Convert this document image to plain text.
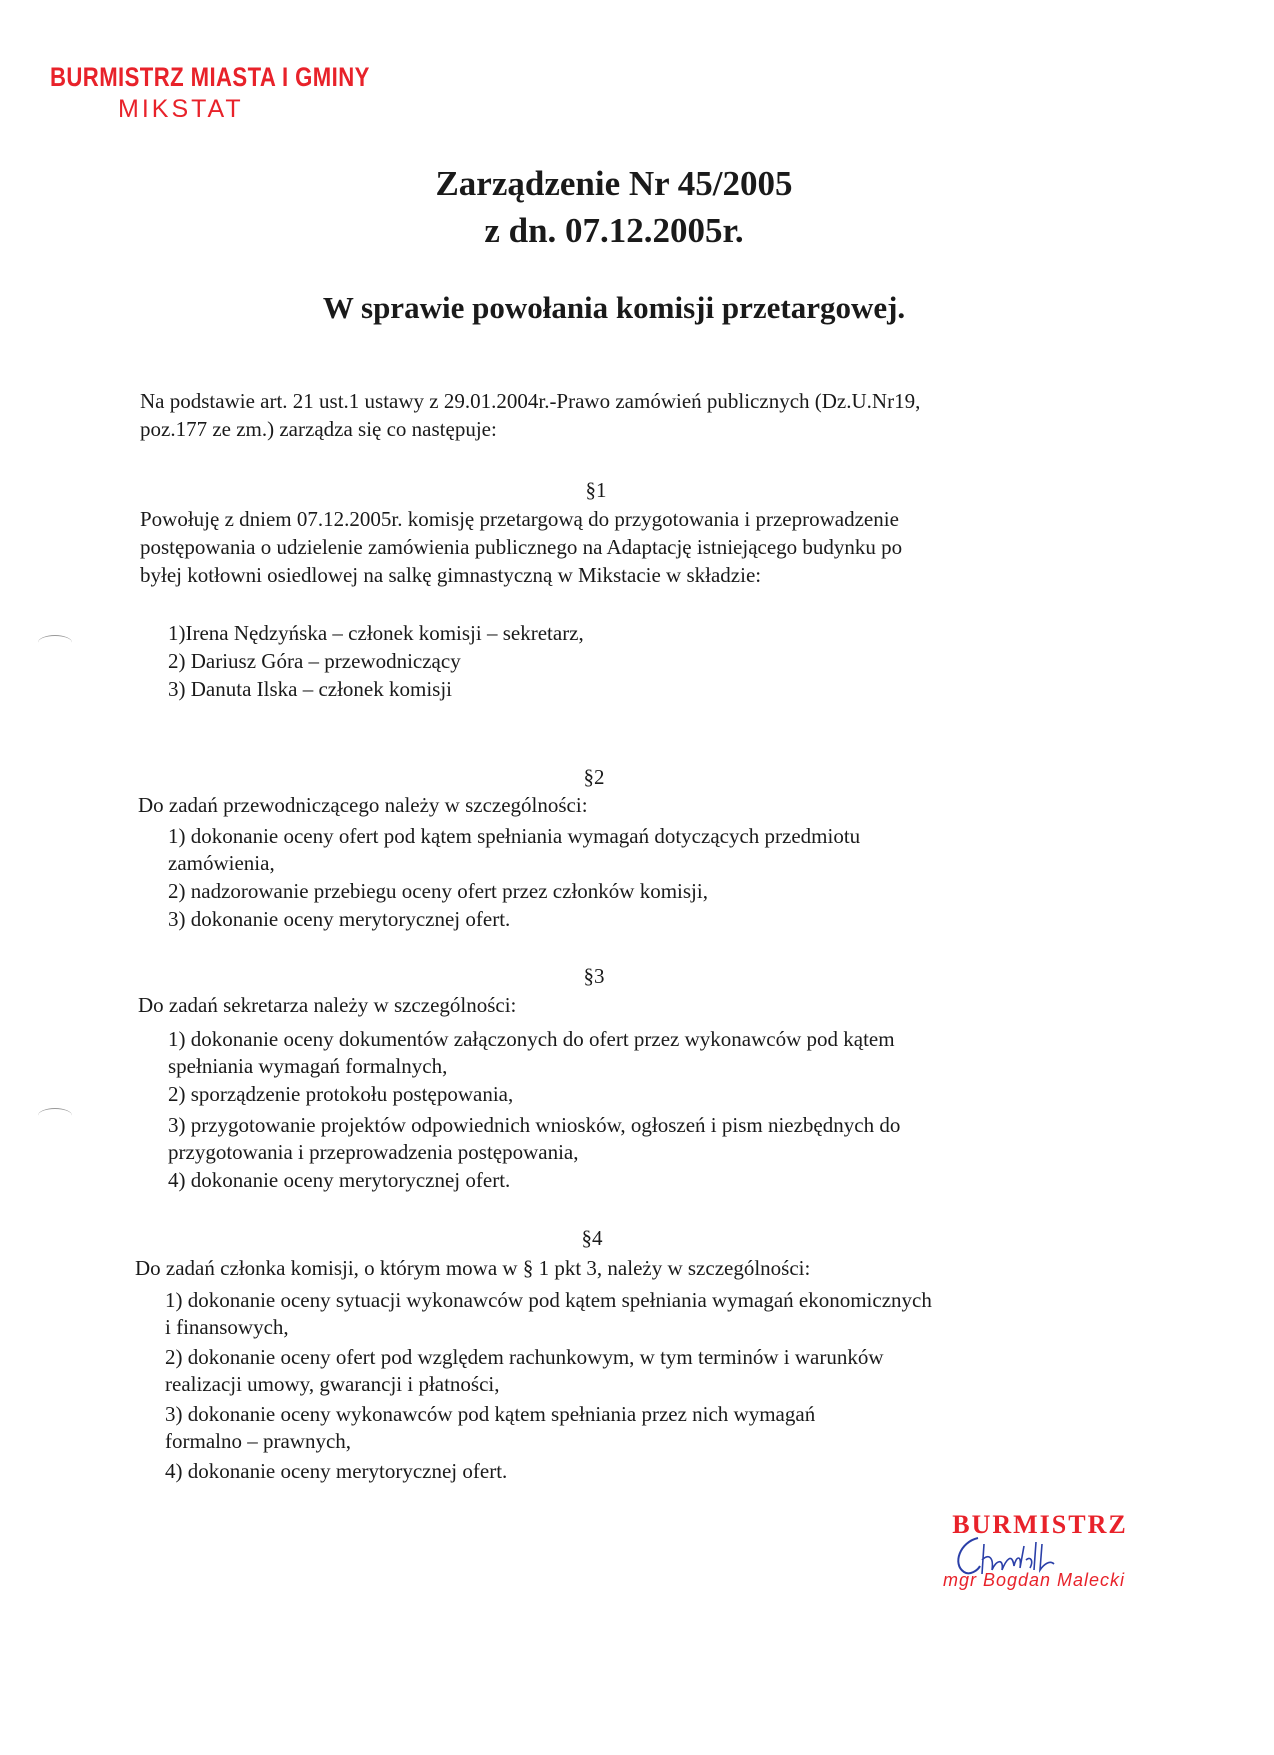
BURMISTRZ MIASTA I GMINY
MIKSTAT
Zarządzenie Nr 45/2005
z dn. 07.12.2005r.
W sprawie powołania komisji przetargowej.
Na podstawie art. 21 ust.1 ustawy z 29.01.2004r.-Prawo zamówień publicznych (Dz.U.Nr19,
poz.177 ze zm.) zarządza się co następuje:
§1
Powołuję z dniem 07.12.2005r. komisję przetargową do przygotowania i przeprowadzenie
postępowania o udzielenie zamówienia publicznego na Adaptację istniejącego budynku po
byłej kotłowni osiedlowej na salkę gimnastyczną w Mikstacie w składzie:
1)Irena Nędzyńska – członek komisji – sekretarz,
2) Dariusz Góra – przewodniczący
3) Danuta Ilska – członek komisji
§2
Do zadań przewodniczącego należy w szczególności:
1) dokonanie oceny ofert pod kątem spełniania wymagań dotyczących przedmiotu
zamówienia,
2) nadzorowanie przebiegu oceny ofert przez członków komisji,
3) dokonanie oceny merytorycznej ofert.
§3
Do zadań sekretarza należy w szczególności:
1) dokonanie oceny dokumentów załączonych do ofert przez wykonawców pod kątem
spełniania wymagań formalnych,
2) sporządzenie protokołu postępowania,
3) przygotowanie projektów odpowiednich wniosków, ogłoszeń i pism niezbędnych do
przygotowania i przeprowadzenia postępowania,
4) dokonanie oceny merytorycznej ofert.
§4
Do zadań członka komisji, o którym mowa w § 1 pkt 3, należy w szczególności:
1) dokonanie oceny sytuacji wykonawców pod kątem spełniania wymagań ekonomicznych
i finansowych,
2) dokonanie oceny ofert pod względem rachunkowym, w tym terminów i warunków
realizacji umowy, gwarancji i płatności,
3) dokonanie oceny wykonawców pod kątem spełniania przez nich wymagań
formalno – prawnych,
4) dokonanie oceny merytorycznej ofert.
BURMISTRZ
mgr Bogdan Malecki
